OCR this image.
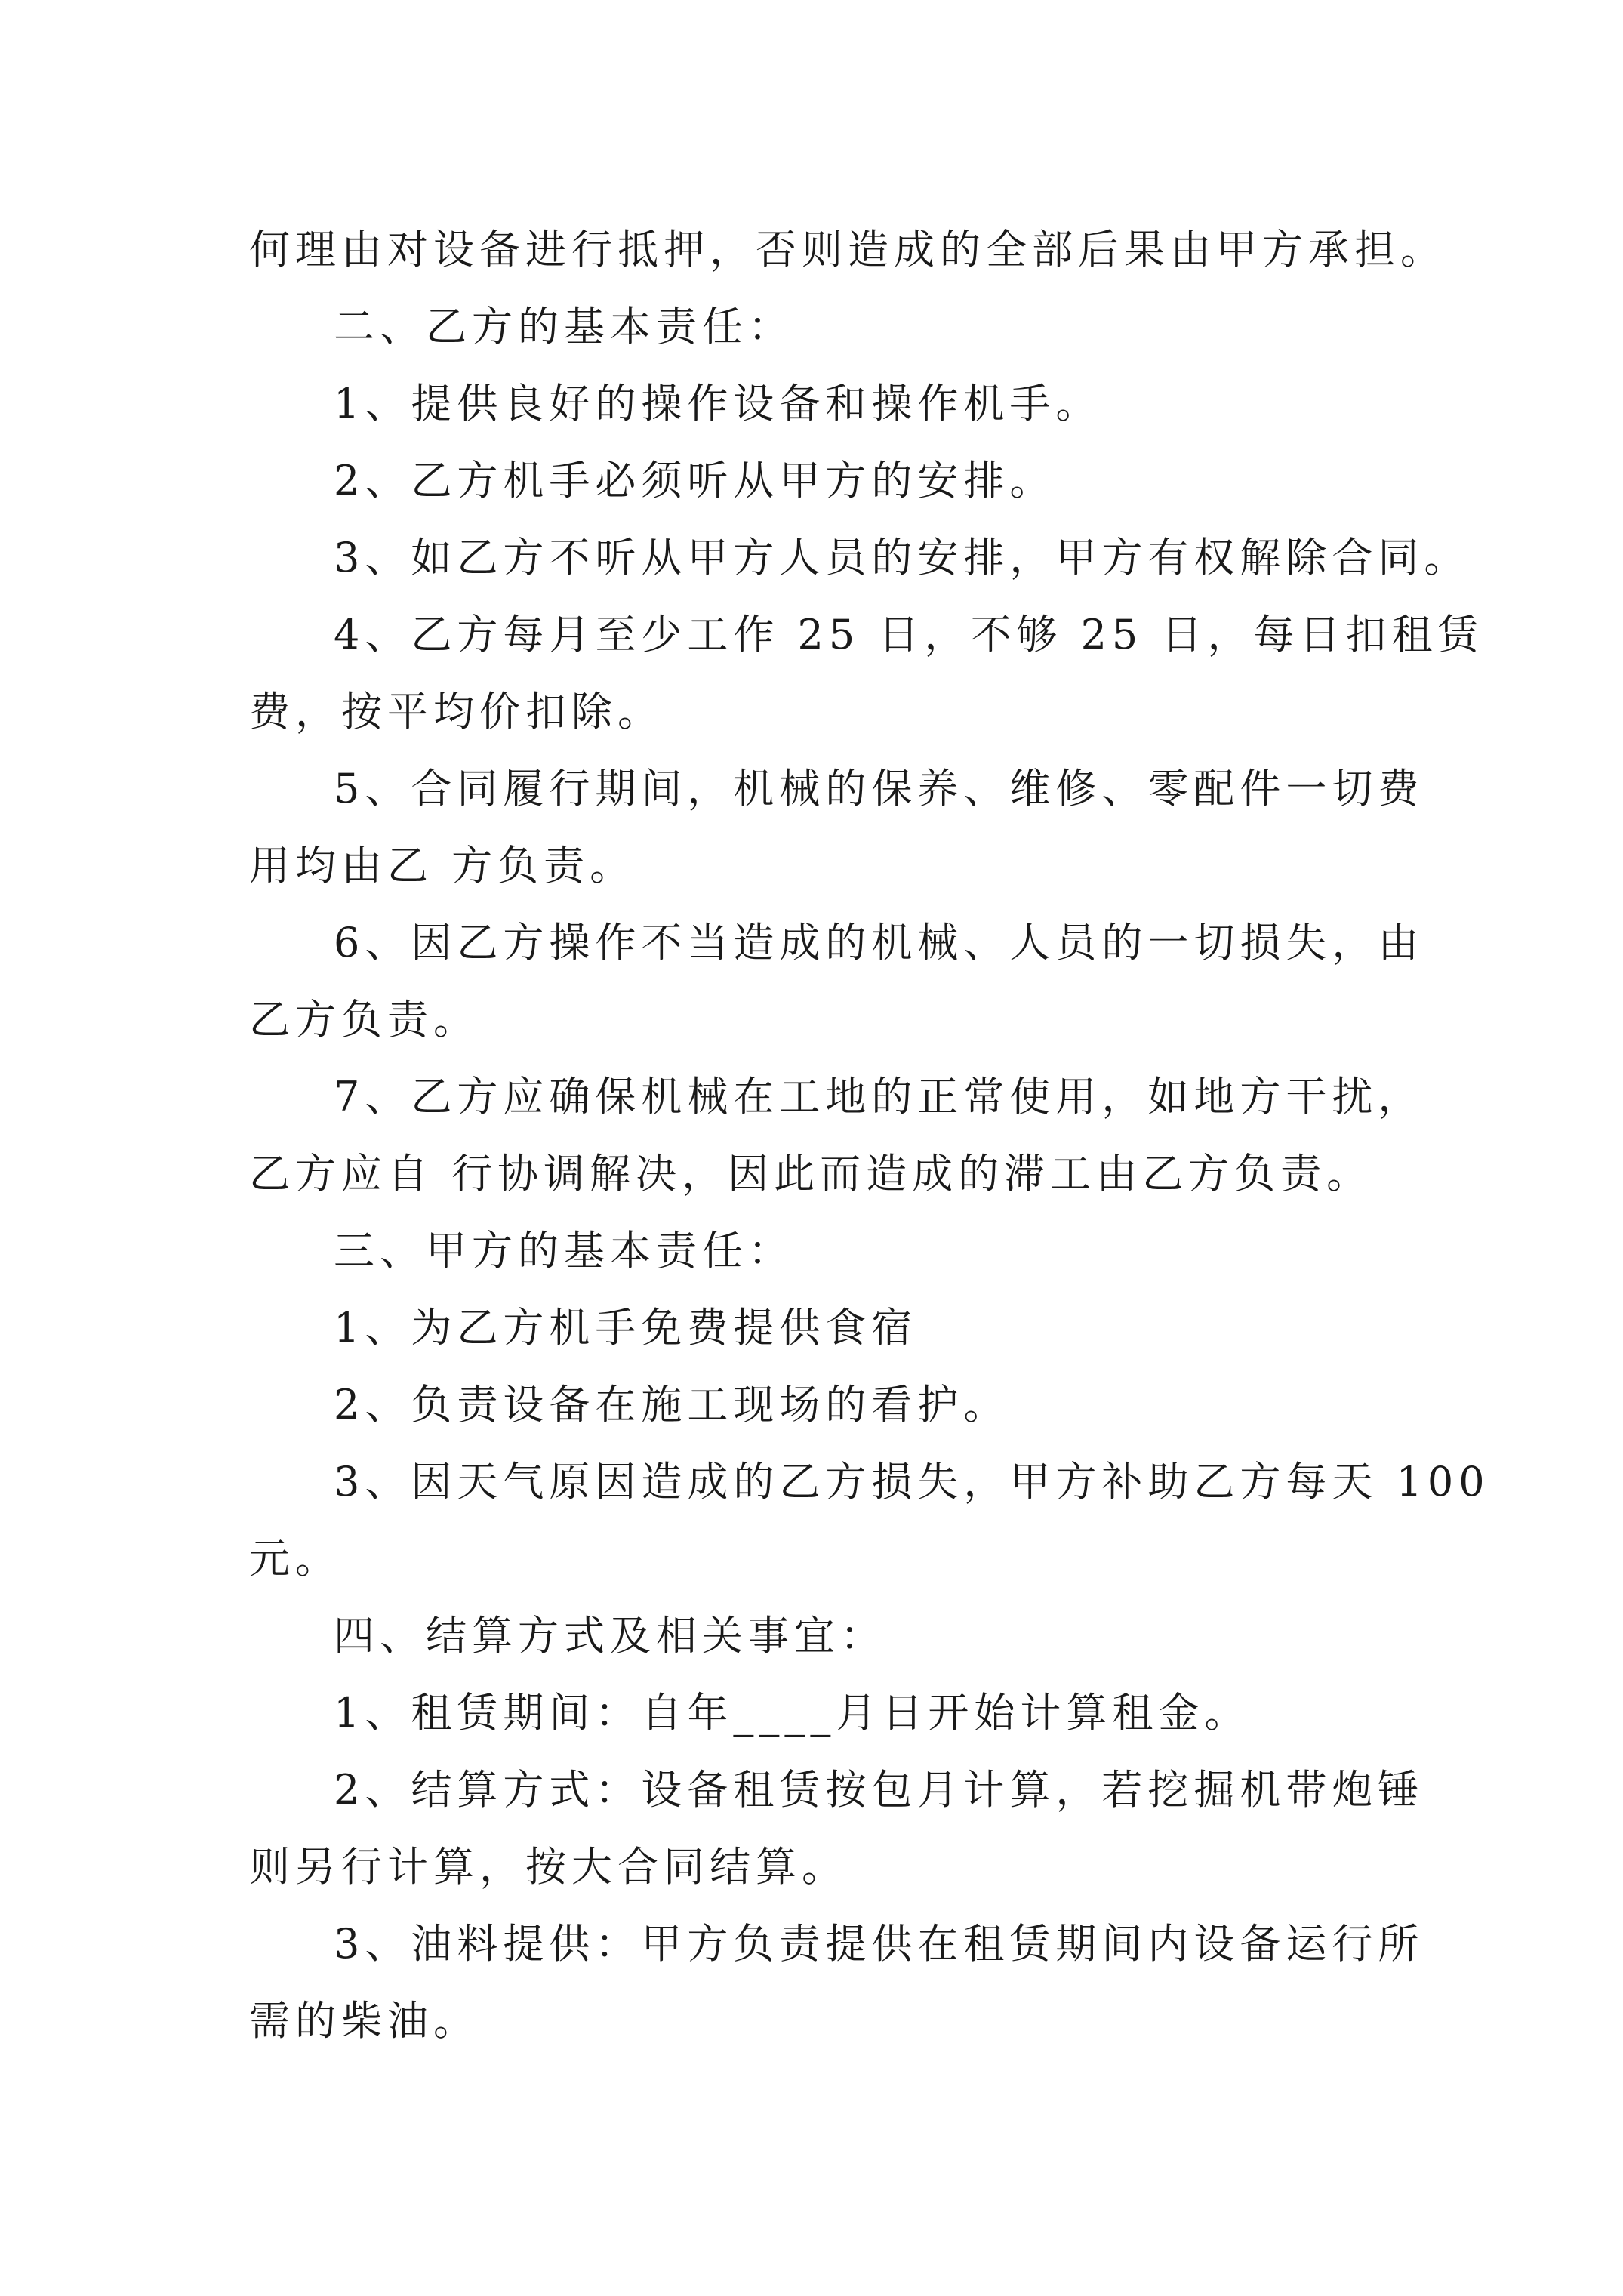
何理由对设备进行抵押，否则造成的全部后果由甲方承担。
二、乙方的基本责任：
1、提供良好的操作设备和操作机手。
2、乙方机手必须听从甲方的安排。
3、如乙方不听从甲方人员的安排，甲方有权解除合同。
4、乙方每月至少工作 25 日，不够 25 日，每日扣租赁
费，按平均价扣除。
5、合同履行期间，机械的保养、维修、零配件一切费
用均由乙 方负责。
6、因乙方操作不当造成的机械、人员的一切损失，由
乙方负责。
7、乙方应确保机械在工地的正常使用，如地方干扰，
乙方应自 行协调解决，因此而造成的滞工由乙方负责。
三、甲方的基本责任：
1、为乙方机手免费提供食宿
2、负责设备在施工现场的看护。
3、因天气原因造成的乙方损失，甲方补助乙方每天 100
元。
四、结算方式及相关事宜：
1、租赁期间：自年____月日开始计算租金。
2、结算方式：设备租赁按包月计算，若挖掘机带炮锤
则另行计算，按大合同结算。
3、油料提供：甲方负责提供在租赁期间内设备运行所
需的柴油。
